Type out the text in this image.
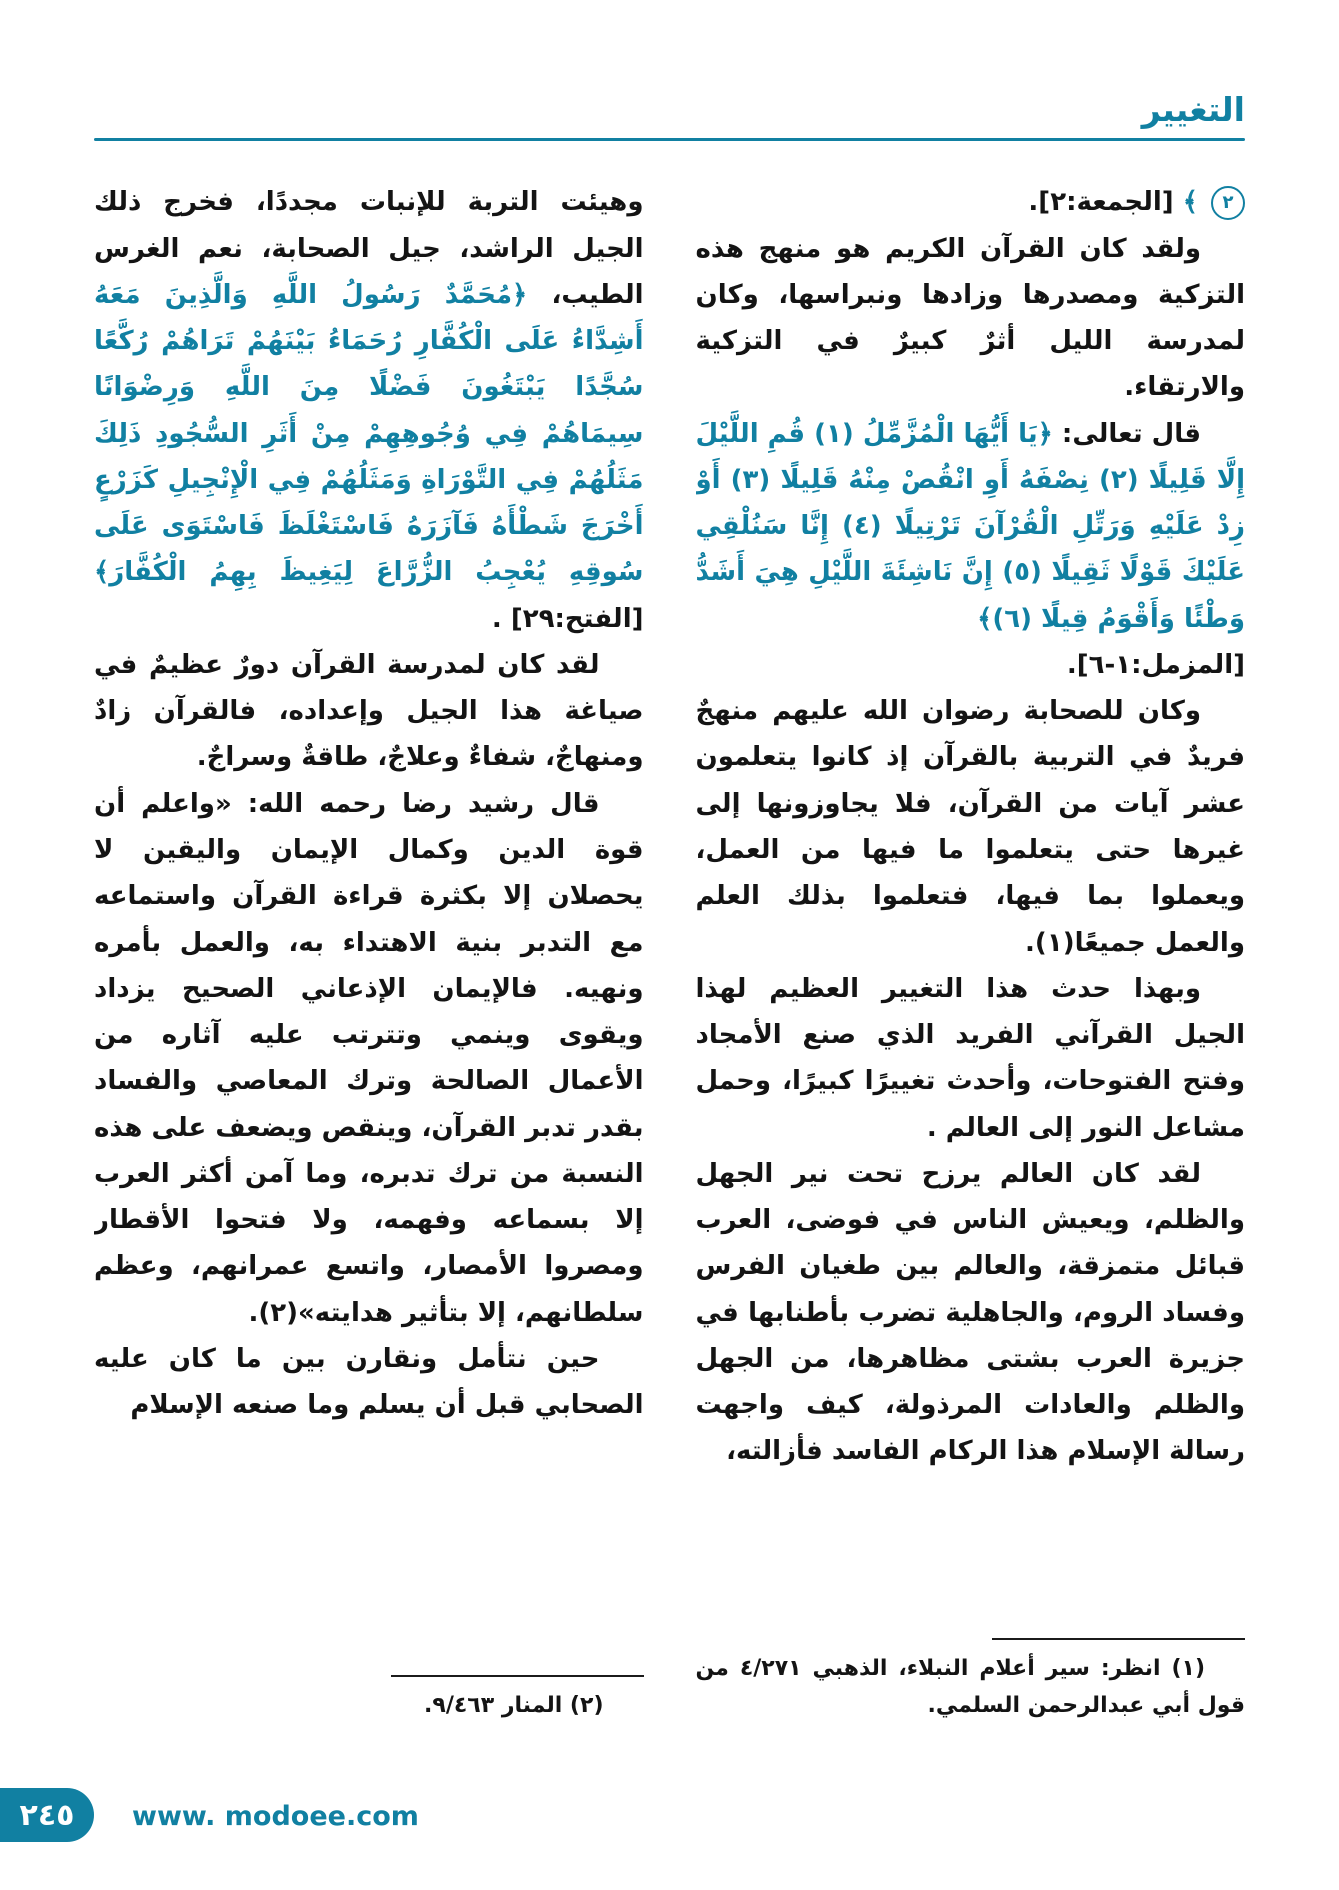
التغيير

٢ ﴾ [الجمعة:٢].

ولقد كان القرآن الكريم هو منهج هذه التزكية ومصدرها وزادها ونبراسها، وكان لمدرسة الليل أثرٌ كبيرٌ في التزكية والارتقاء.

قال تعالى: ﴿يَا أَيُّهَا الْمُزَّمِّلُ (١) قُمِ اللَّيْلَ إِلَّا قَلِيلًا (٢) نِصْفَهُ أَوِ انْقُصْ مِنْهُ قَلِيلًا (٣) أَوْ زِدْ عَلَيْهِ وَرَتِّلِ الْقُرْآنَ تَرْتِيلًا (٤) إِنَّا سَنُلْقِي عَلَيْكَ قَوْلًا ثَقِيلًا (٥) إِنَّ نَاشِئَةَ اللَّيْلِ هِيَ أَشَدُّ وَطْئًا وَأَقْوَمُ قِيلًا (٦)﴾

[المزمل:١-٦].

وكان للصحابة رضوان الله عليهم منهجٌ فريدٌ في التربية بالقرآن إذ كانوا يتعلمون عشر آيات من القرآن، فلا يجاوزونها إلى غيرها حتى يتعلموا ما فيها من العمل، ويعملوا بما فيها، فتعلموا بذلك العلم والعمل جميعًا(١).

وبهذا حدث هذا التغيير العظيم لهذا الجيل القرآني الفريد الذي صنع الأمجاد وفتح الفتوحات، وأحدث تغييرًا كبيرًا، وحمل مشاعل النور إلى العالم .

لقد كان العالم يرزح تحت نير الجهل والظلم، ويعيش الناس في فوضى، العرب قبائل متمزقة، والعالم بين طغيان الفرس وفساد الروم، والجاهلية تضرب بأطنابها في جزيرة العرب بشتى مظاهرها، من الجهل والظلم والعادات المرذولة، كيف واجهت رسالة الإسلام هذا الركام الفاسد فأزالته،

(١) انظر: سير أعلام النبلاء، الذهبي ٤/٢٧١ من قول أبي عبدالرحمن السلمي.

وهيئت التربة للإنبات مجددًا، فخرج ذلك الجيل الراشد، جيل الصحابة، نعم الغرس الطيب، ﴿مُحَمَّدٌ رَسُولُ اللَّهِ وَالَّذِينَ مَعَهُ أَشِدَّاءُ عَلَى الْكُفَّارِ رُحَمَاءُ بَيْنَهُمْ تَرَاهُمْ رُكَّعًا سُجَّدًا يَبْتَغُونَ فَضْلًا مِنَ اللَّهِ وَرِضْوَانًا سِيمَاهُمْ فِي وُجُوهِهِمْ مِنْ أَثَرِ السُّجُودِ ذَلِكَ مَثَلُهُمْ فِي التَّوْرَاةِ وَمَثَلُهُمْ فِي الْإِنْجِيلِ كَزَرْعٍ أَخْرَجَ شَطْأَهُ فَآزَرَهُ فَاسْتَغْلَظَ فَاسْتَوَى عَلَى سُوقِهِ يُعْجِبُ الزُّرَّاعَ لِيَغِيظَ بِهِمُ الْكُفَّارَ﴾ [الفتح:٢٩] .

لقد كان لمدرسة القرآن دورٌ عظيمٌ في صياغة هذا الجيل وإعداده، فالقرآن زادٌ ومنهاجٌ، شفاءٌ وعلاجٌ، طاقةٌ وسراجٌ.

قال رشيد رضا رحمه الله: «واعلم أن قوة الدين وكمال الإيمان واليقين لا يحصلان إلا بكثرة قراءة القرآن واستماعه مع التدبر بنية الاهتداء به، والعمل بأمره ونهيه. فالإيمان الإذعاني الصحيح يزداد ويقوى وينمي وتترتب عليه آثاره من الأعمال الصالحة وترك المعاصي والفساد بقدر تدبر القرآن، وينقص ويضعف على هذه النسبة من ترك تدبره، وما آمن أكثر العرب إلا بسماعه وفهمه، ولا فتحوا الأقطار ومصروا الأمصار، واتسع عمرانهم، وعظم سلطانهم، إلا بتأثير هدايته»(٢).

حين نتأمل ونقارن بين ما كان عليه الصحابي قبل أن يسلم وما صنعه الإسلام

(٢) المنار ٩/٤٦٣.

٢٤٥	www. modoee.com
